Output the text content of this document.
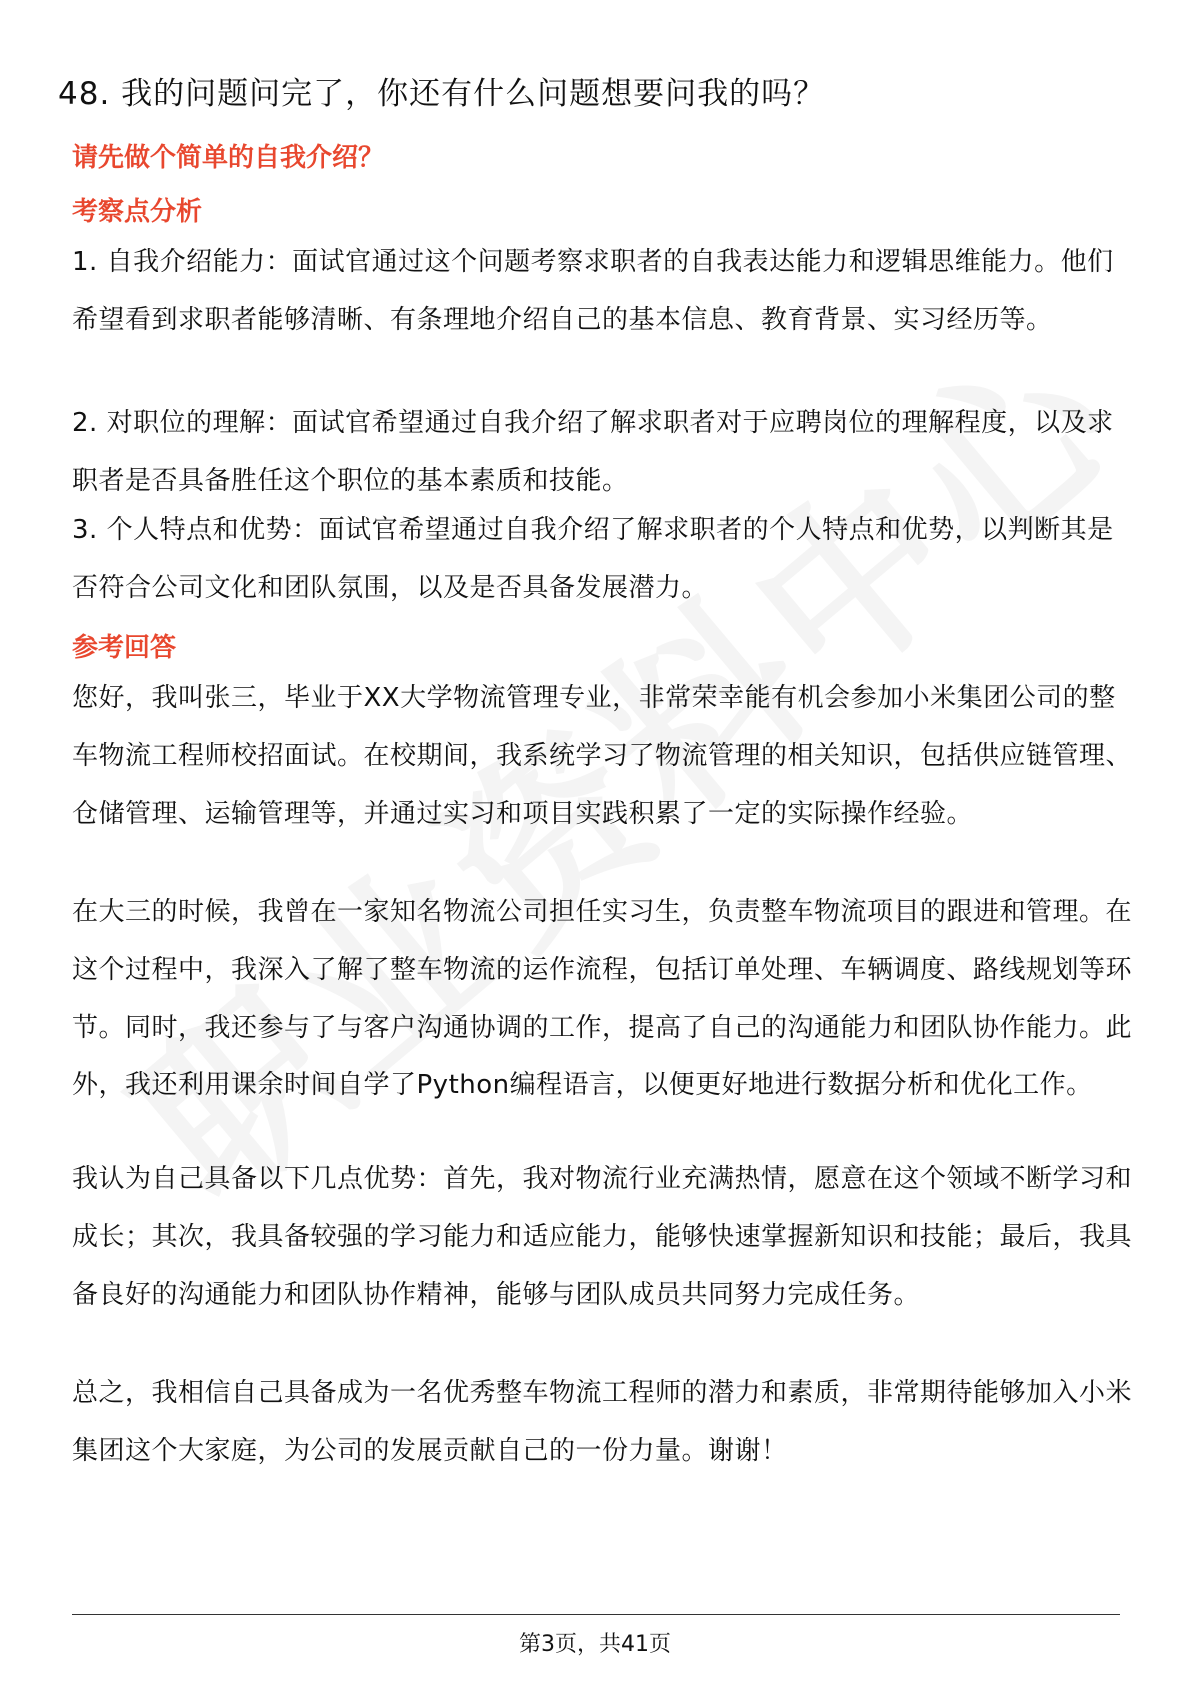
48. 我的问题问完了，你还有什么问题想要问我的吗？
请先做个简单的自我介绍？
考察点分析
1. 自我介绍能力：面试官通过这个问题考察求职者的自我表达能力和逻辑思维能力。他们希望看到求职者能够清晰、有条理地介绍自己的基本信息、教育背景、实习经历等。
2. 对职位的理解：面试官希望通过自我介绍了解求职者对于应聘岗位的理解程度，以及求职者是否具备胜任这个职位的基本素质和技能。
3. 个人特点和优势：面试官希望通过自我介绍了解求职者的个人特点和优势，以判断其是否符合公司文化和团队氛围，以及是否具备发展潜力。
参考回答
您好，我叫张三，毕业于XX大学物流管理专业，非常荣幸能有机会参加小米集团公司的整车物流工程师校招面试。在校期间，我系统学习了物流管理的相关知识，包括供应链管理、仓储管理、运输管理等，并通过实习和项目实践积累了一定的实际操作经验。
在大三的时候，我曾在一家知名物流公司担任实习生，负责整车物流项目的跟进和管理。在这个过程中，我深入了解了整车物流的运作流程，包括订单处理、车辆调度、路线规划等环节。同时，我还参与了与客户沟通协调的工作，提高了自己的沟通能力和团队协作能力。此外，我还利用课余时间自学了Python编程语言，以便更好地进行数据分析和优化工作。
我认为自己具备以下几点优势：首先，我对物流行业充满热情，愿意在这个领域不断学习和成长；其次，我具备较强的学习能力和适应能力，能够快速掌握新知识和技能；最后，我具备良好的沟通能力和团队协作精神，能够与团队成员共同努力完成任务。
总之，我相信自己具备成为一名优秀整车物流工程师的潜力和素质，非常期待能够加入小米集团这个大家庭，为公司的发展贡献自己的一份力量。谢谢！
第3页，共41页
